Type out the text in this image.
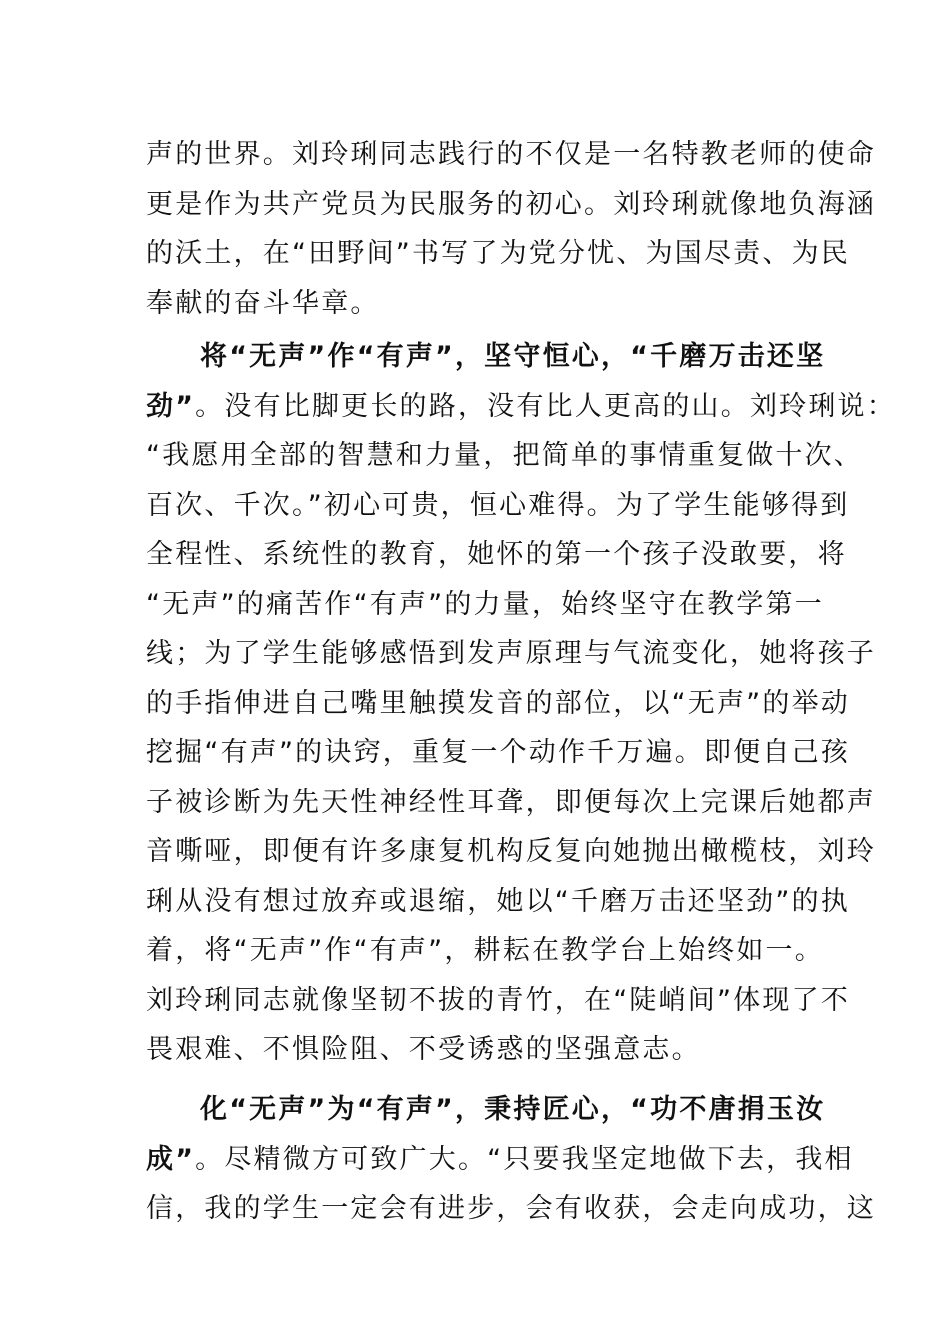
声的世界。刘玲琍同志践行的不仅是一名特教老师的使命
更是作为共产党员为民服务的初心。刘玲琍就像地负海涵
的沃土，在“田野间”书写了为党分忧、为国尽责、为民
奉献的奋斗华章。
将“无声”作“有声”，坚守恒心，“千磨万击还坚
劲”。没有比脚更长的路，没有比人更高的山。刘玲琍说：
“我愿用全部的智慧和力量，把简单的事情重复做十次、
百次、千次。”初心可贵，恒心难得。为了学生能够得到
全程性、系统性的教育，她怀的第一个孩子没敢要，将
“无声”的痛苦作“有声”的力量，始终坚守在教学第一
线；为了学生能够感悟到发声原理与气流变化，她将孩子
的手指伸进自己嘴里触摸发音的部位，以“无声”的举动
挖掘“有声”的诀窍，重复一个动作千万遍。即便自己孩
子被诊断为先天性神经性耳聋，即便每次上完课后她都声
音嘶哑，即便有许多康复机构反复向她抛出橄榄枝，刘玲
琍从没有想过放弃或退缩，她以“千磨万击还坚劲”的执
着，将“无声”作“有声”，耕耘在教学台上始终如一。
刘玲琍同志就像坚韧不拔的青竹，在“陡峭间”体现了不
畏艰难、不惧险阻、不受诱惑的坚强意志。
化“无声”为“有声”，秉持匠心，“功不唐捐玉汝
成”。尽精微方可致广大。“只要我坚定地做下去，我相
信，我的学生一定会有进步，会有收获，会走向成功，这
